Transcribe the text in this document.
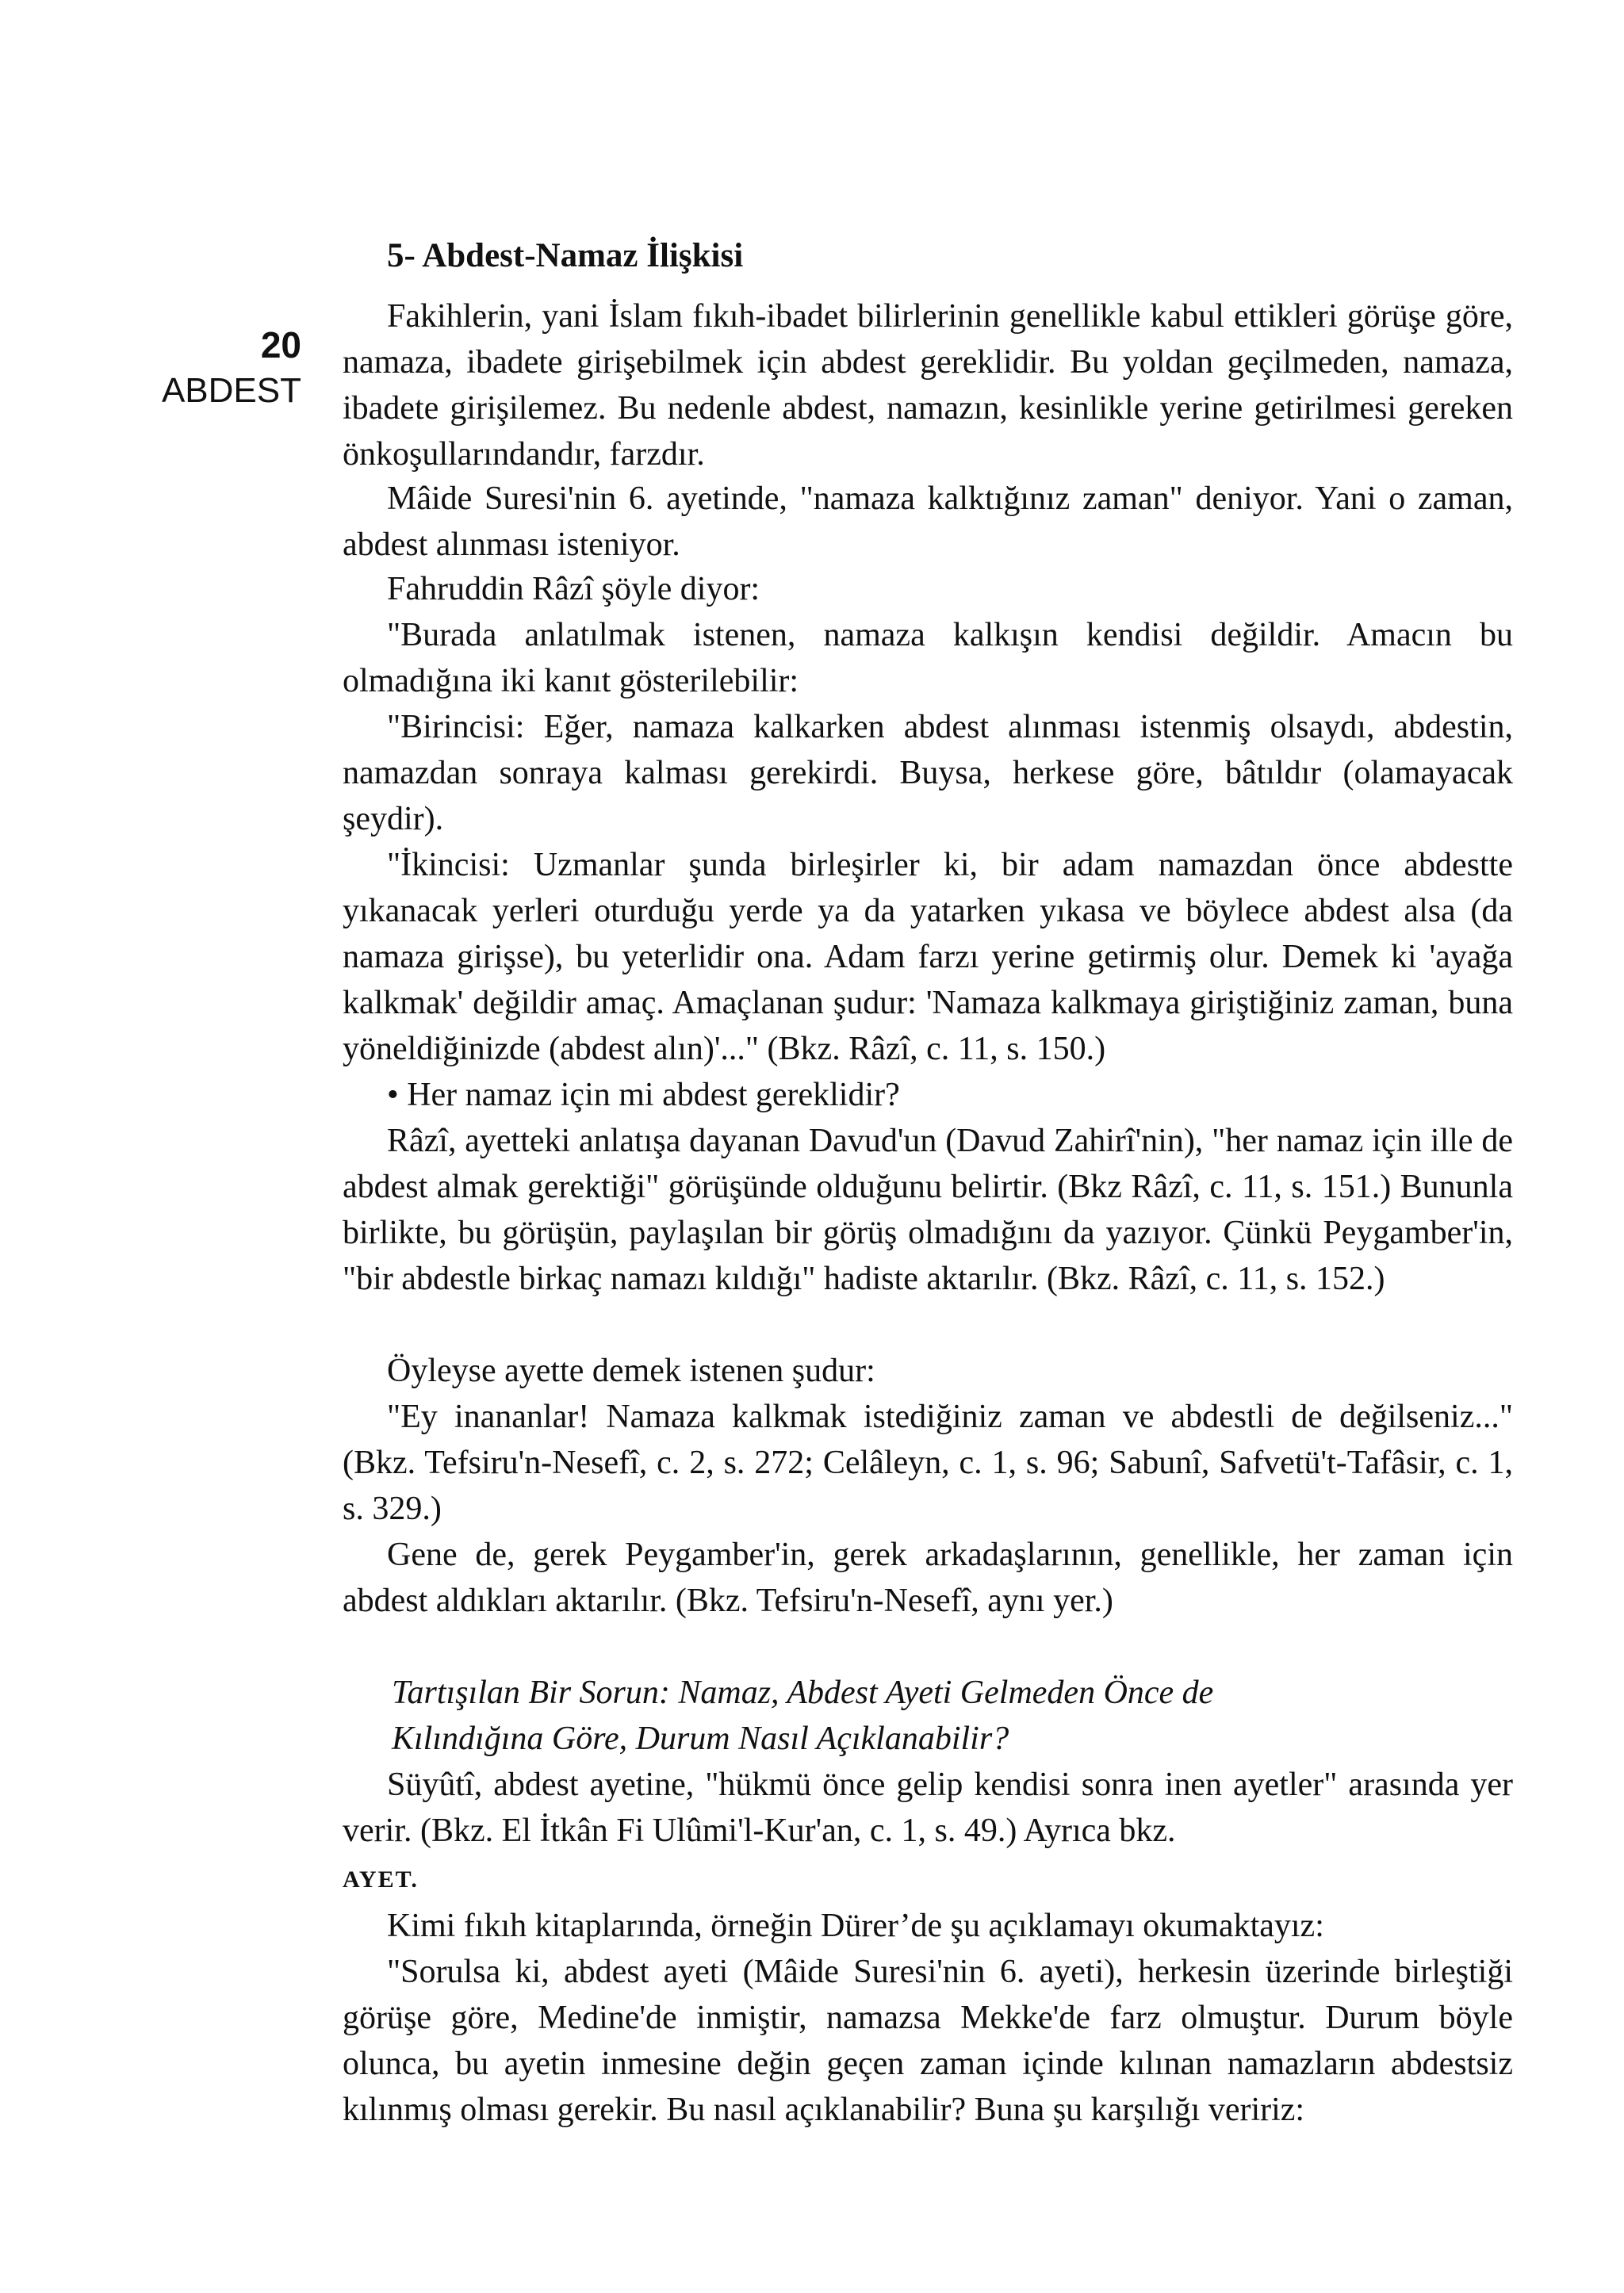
20
ABDEST
5- Abdest-Namaz İlişkisi

Fakihlerin, yani İslam fıkıh-ibadet bilirlerinin genellikle kabul ettikleri görüşe göre, namaza, ibadete girişebilmek için abdest gereklidir. Bu yoldan geçilmeden, namaza, ibadete girişilemez. Bu nedenle abdest, namazın, kesinlikle yerine getirilmesi gereken önkoşullarındandır, farzdır.

Mâide Suresi'nin 6. ayetinde, "namaza kalktığınız zaman" deniyor. Yani o zaman, abdest alınması isteniyor.

Fahruddin Râzî şöyle diyor:

"Burada anlatılmak istenen, namaza kalkışın kendisi değildir. Amacın bu olmadığına iki kanıt gösterilebilir:

"Birincisi: Eğer, namaza kalkarken abdest alınması istenmiş olsaydı, abdestin, namazdan sonraya kalması gerekirdi. Buysa, herkese göre, bâtıldır (olamayacak şeydir).

"İkincisi: Uzmanlar şunda birleşirler ki, bir adam namazdan önce abdestte yıkanacak yerleri oturduğu yerde ya da yatarken yıkasa ve böylece abdest alsa (da namaza girişse), bu yeterlidir ona. Adam farzı yerine getirmiş olur. Demek ki 'ayağa kalkmak' değildir amaç. Amaçlanan şudur: 'Namaza kalkmaya giriştiğiniz zaman, buna yöneldiğinizde (abdest alın)'..." (Bkz. Râzî, c. 11, s. 150.)

• Her namaz için mi abdest gereklidir?

Râzî, ayetteki anlatışa dayanan Davud'un (Davud Zahirî'nin), "her namaz için ille de abdest almak gerektiği" görüşünde olduğunu belirtir. (Bkz Râzî, c. 11, s. 151.) Bununla birlikte, bu görüşün, paylaşılan bir görüş olmadığını da yazıyor. Çünkü Peygamber'in, "bir abdestle birkaç namazı kıldığı" hadiste aktarılır. (Bkz. Râzî, c. 11, s. 152.)

Öyleyse ayette demek istenen şudur:

"Ey inananlar! Namaza kalkmak istediğiniz zaman ve abdestli de değilseniz..." (Bkz. Tefsiru'n-Nesefî, c. 2, s. 272; Celâleyn, c. 1, s. 96; Sabunî, Safvetü't-Tafâsir, c. 1, s. 329.)

Gene de, gerek Peygamber'in, gerek arkadaşlarının, genellikle, her zaman için abdest aldıkları aktarılır. (Bkz. Tefsiru'n-Nesefî, aynı yer.)

Tartışılan Bir Sorun: Namaz, Abdest Ayeti Gelmeden Önce de
Kılındığına Göre, Durum Nasıl Açıklanabilir?

Süyûtî, abdest ayetine, "hükmü önce gelip kendisi sonra inen ayetler" arasında yer verir. (Bkz. El İtkân Fi Ulûmi'l-Kur'an, c. 1, s. 49.) Ayrıca bkz.
AYET.

Kimi fıkıh kitaplarında, örneğin Dürer’de şu açıklamayı okumaktayız:

"Sorulsa ki, abdest ayeti (Mâide Suresi'nin 6. ayeti), herkesin üzerinde birleştiği görüşe göre, Medine'de inmiştir, namazsa Mekke'de farz olmuştur. Durum böyle olunca, bu ayetin inmesine değin geçen zaman içinde kılınan namazların abdestsiz kılınmış olması gerekir. Bu nasıl açıklanabilir? Buna şu karşılığı veririz:
